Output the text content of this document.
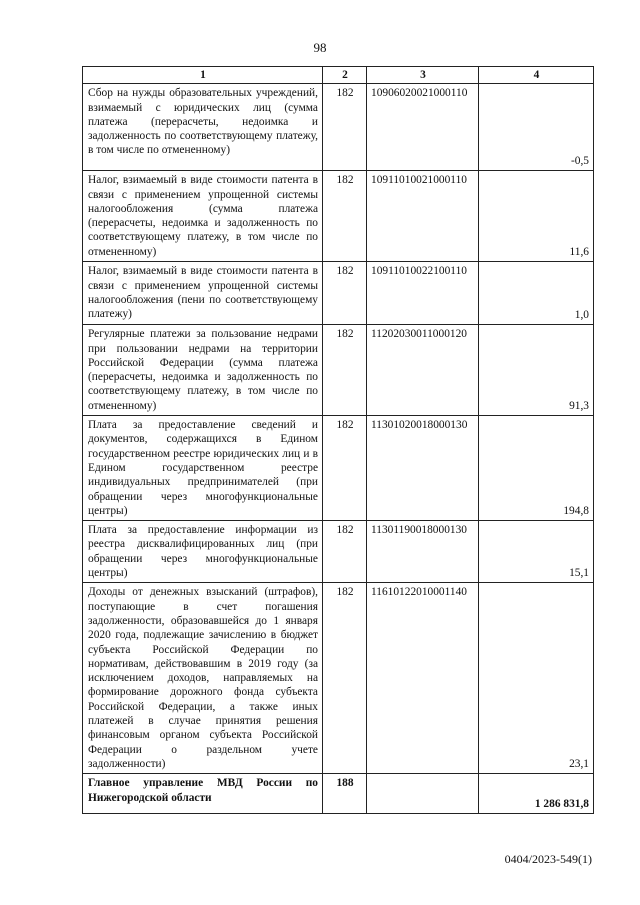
98
1	2	3	4
Сбор на нужды образовательных учреждений, взимаемый с юридических лиц (сумма платежа (перерасчеты, недоимка и задолженность по соответствующему платежу, в том числе по отмененному)	182	10906020021000110	-0,5
Налог, взимаемый в виде стоимости патента в связи с применением упрощенной системы налогообложения (сумма платежа (перерасчеты, недоимка и задолженность по соответствующему платежу, в том числе по отмененному)	182	10911010021000110	11,6
Налог, взимаемый в виде стоимости патента в связи с применением упрощенной системы налогообложения (пени по соответствующему платежу)	182	10911010022100110	1,0
Регулярные платежи за пользование недрами при пользовании недрами на территории Российской Федерации (сумма платежа (перерасчеты, недоимка и задолженность по соответствующему платежу, в том числе по отмененному)	182	11202030011000120	91,3
Плата за предоставление сведений и документов, содержащихся в Едином государственном реестре юридических лиц и в Едином государственном реестре индивидуальных предпринимателей (при обращении через многофункциональные центры)	182	11301020018000130	194,8
Плата за предоставление информации из реестра дисквалифицированных лиц (при обращении через многофункциональные центры)	182	11301190018000130	15,1
Доходы от денежных взысканий (штрафов), поступающие в счет погашения задолженности, образовавшейся до 1 января 2020 года, подлежащие зачислению в бюджет субъекта Российской Федерации по нормативам, действовавшим в 2019 году (за исключением доходов, направляемых на формирование дорожного фонда субъекта Российской Федерации, а также иных платежей в случае принятия решения финансовым органом субъекта Российской Федерации о раздельном учете задолженности)	182	11610122010001140	23,1
Главное управление МВД России по Нижегородской области	188		1 286 831,8
0404/2023-549(1)
